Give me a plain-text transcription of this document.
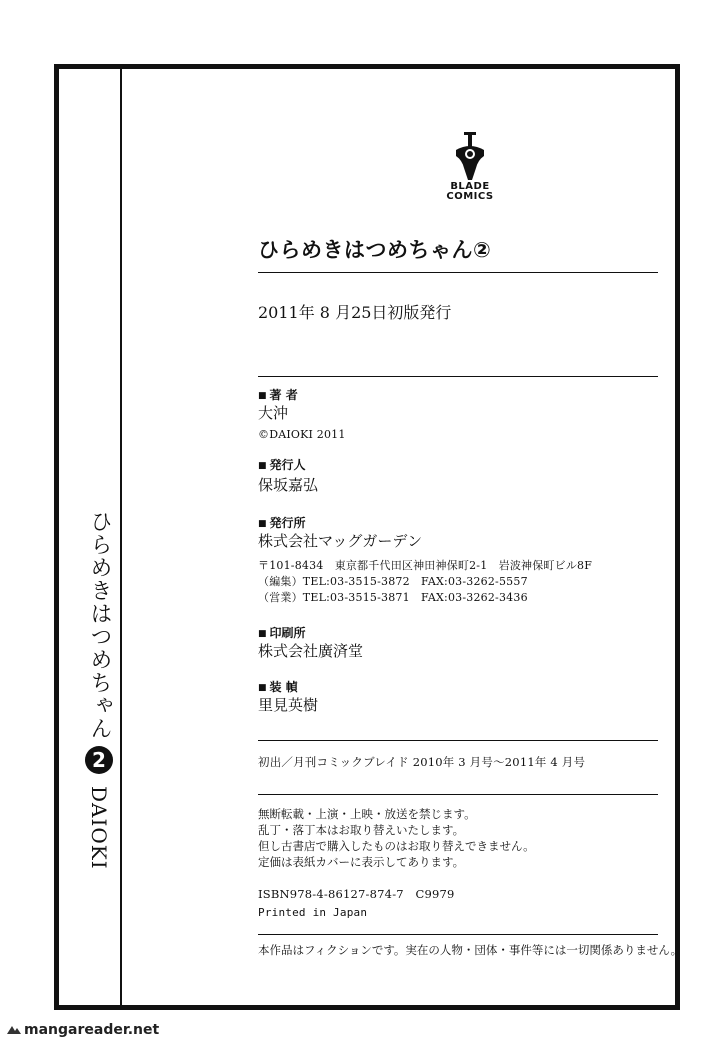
ひらめきはつめちゃん
2
DAIOKI
BLADE
COMICS
ひらめきはつめちゃん②
2011年 8 月25日初版発行
■ 著 者
大沖
©DAIOKI 2011
■ 発行人
保坂嘉弘
■ 発行所
株式会社マッグガーデン
〒101-8434　東京都千代田区神田神保町2-1　岩波神保町ビル8F
（編集）TEL:03-3515-3872　FAX:03-3262-5557
（営業）TEL:03-3515-3871　FAX:03-3262-3436
■ 印刷所
株式会社廣済堂
■ 装 幀
里見英樹
初出／月刊コミックブレイド 2010年 3 月号〜2011年 4 月号
無断転載・上演・上映・放送を禁じます。
乱丁・落丁本はお取り替えいたします。
但し古書店で購入したものはお取り替えできません。
定価は表紙カバーに表示してあります。
ISBN978-4-86127-874-7　C9979
Printed in Japan
本作品はフィクションです。実在の人物・団体・事件等には一切関係ありません。
mangareader.net
